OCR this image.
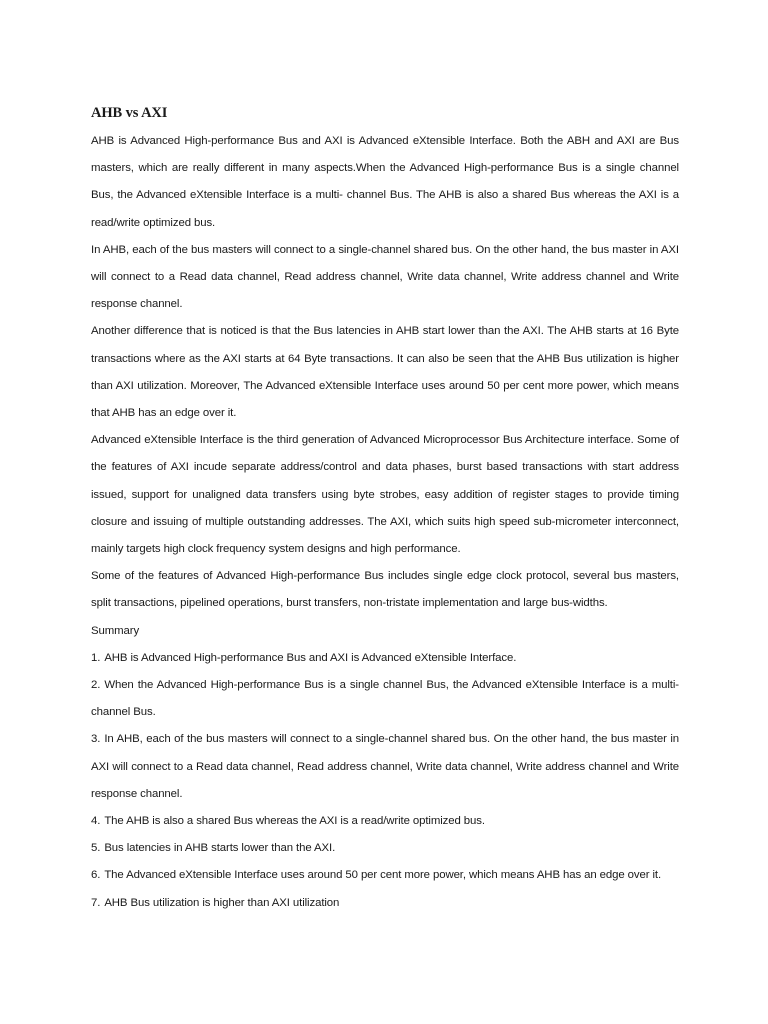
AHB vs AXI

AHB is Advanced High-performance Bus and AXI is Advanced eXtensible Interface. Both the ABH and AXI are Bus masters, which are really different in many aspects.When the Advanced High-performance Bus is a single channel Bus, the Advanced eXtensible Interface is a multi- channel Bus. The AHB is also a shared Bus whereas the AXI is a read/write optimized bus.

In AHB, each of the bus masters will connect to a single-channel shared bus. On the other hand, the bus master in AXI will connect to a Read data channel, Read address channel, Write data channel, Write address channel and Write response channel.

Another difference that is noticed is that the Bus latencies in AHB start lower than the AXI. The AHB starts at 16 Byte transactions where as the AXI starts at 64 Byte transactions. It can also be seen that the AHB Bus utilization is higher than AXI utilization. Moreover, The Advanced eXtensible Interface uses around 50 per cent more power, which means that AHB has an edge over it.

Advanced eXtensible Interface is the third generation of Advanced Microprocessor Bus Architecture interface. Some of the features of AXI incude separate address/control and data phases, burst based transactions with start address issued, support for unaligned data transfers using byte strobes, easy addition of register stages to provide timing closure and issuing of multiple outstanding addresses. The AXI, which suits high speed sub-micrometer interconnect, mainly targets high clock frequency system designs and high performance.

Some of the features of Advanced High-performance Bus includes single edge clock protocol, several bus masters, split transactions, pipelined operations, burst transfers, non-tristate implementation and large bus-widths.

Summary

1. AHB is Advanced High-performance Bus and AXI is Advanced eXtensible Interface.
2. When the Advanced High-performance Bus is a single channel Bus, the Advanced eXtensible Interface is a multi-channel Bus.
3. In AHB, each of the bus masters will connect to a single-channel shared bus. On the other hand, the bus master in AXI will connect to a Read data channel, Read address channel, Write data channel, Write address channel and Write response channel.
4. The AHB is also a shared Bus whereas the AXI is a read/write optimized bus.
5. Bus latencies in AHB starts lower than the AXI.
6. The Advanced eXtensible Interface uses around 50 per cent more power, which means AHB has an edge over it.
7. AHB Bus utilization is higher than AXI utilization
